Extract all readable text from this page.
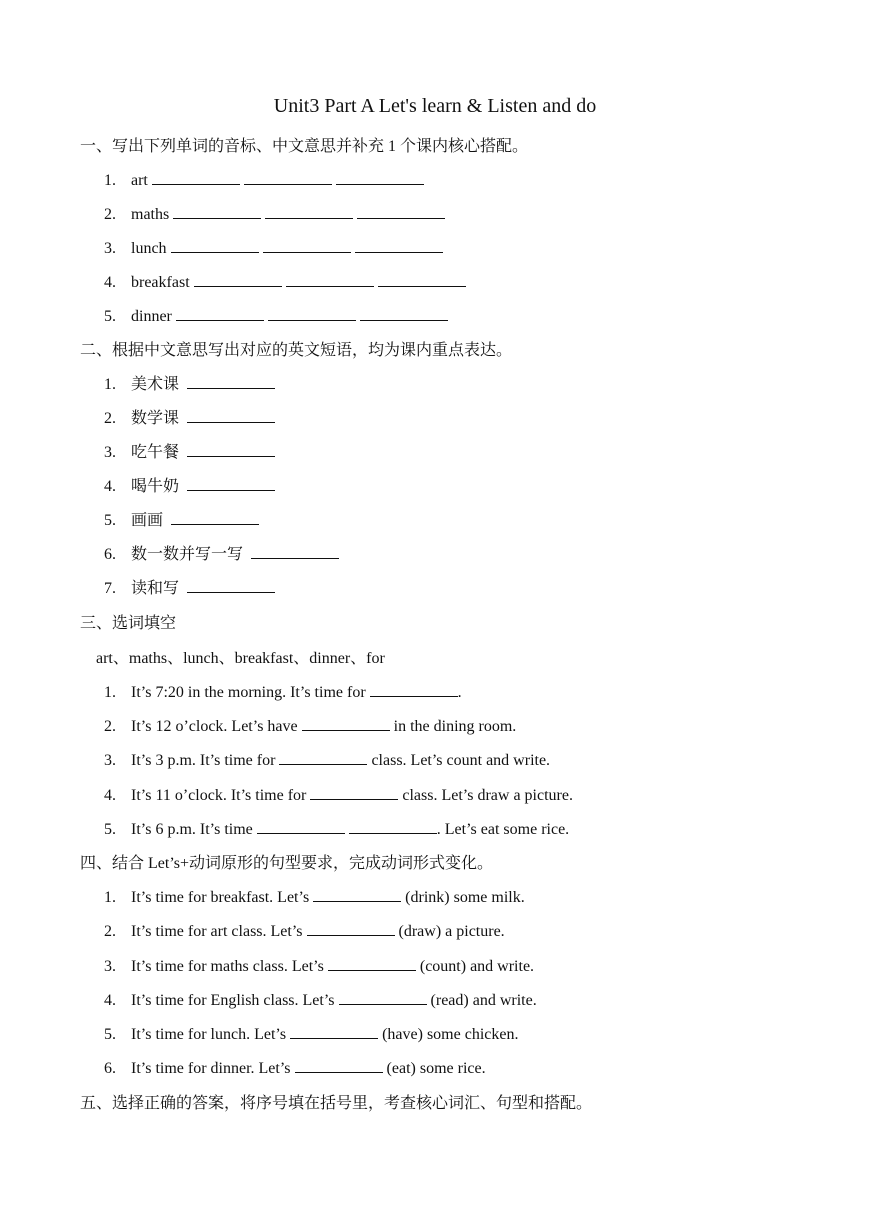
Unit3 Part A Let's learn & Listen and do
一、写出下列单词的音标、中文意思并补充 1 个课内核心搭配。
1. art
2. maths
3. lunch
4. breakfast
5. dinner
二、根据中文意思写出对应的英文短语，均为课内重点表达。
1. 美术课
2. 数学课
3. 吃午餐
4. 喝牛奶
5. 画画
6. 数一数并写一写
7. 读和写
三、选词填空
art、maths、lunch、breakfast、dinner、for
1. It’s 7:20 in the morning. It’s time for	.
2. It’s 12 o’clock. Let’s have	in the dining room.
3. It’s 3 p.m. It’s time for	class. Let’s count and write.
4. It’s 11 o’clock. It’s time for	class. Let’s draw a picture.
5. It’s 6 p.m. It’s time	. Let’s eat some rice.
四、结合 Let’s+动词原形的句型要求，完成动词形式变化。
1. It’s time for breakfast. Let’s	(drink) some milk.
2. It’s time for art class. Let’s	(draw) a picture.
3. It’s time for maths class. Let’s	(count) and write.
4. It’s time for English class. Let’s	(read) and write.
5. It’s time for lunch. Let’s	(have) some chicken.
6. It’s time for dinner. Let’s	(eat) some rice.
五、选择正确的答案，将序号填在括号里，考查核心词汇、句型和搭配。
